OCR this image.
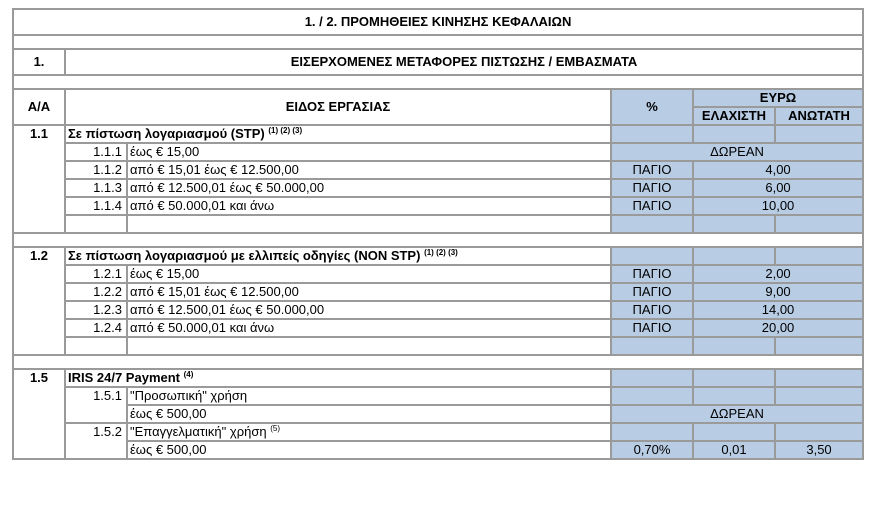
1. / 2. ΠΡΟΜΗΘΕΙΕΣ ΚΙΝΗΣΗΣ ΚΕΦΑΛΑΙΩΝ					

1.	ΕΙΣΕΡΧΟΜΕΝΕΣ ΜΕΤΑΦΟΡΕΣ ΠΙΣΤΩΣΗΣ / ΕΜΒΑΣΜΑΤΑ				

Α/Α	ΕΙΔΟΣ ΕΡΓΑΣΙΑΣ		%	ΕΥΡΩ	
				ΕΛΑΧΙΣΤΗ	ΑΝΩΤΑΤΗ
1.1	Σε πίστωση λογαριασμού (STP) $^{(1) (2) (3)}$			
	1.1.1	έως € 15,00	ΔΩΡΕΑΝ		
	1.1.2	από € 15,01 έως € 12.500,00	ΠΑΓΙΟ	4,00	
	1.1.3	από € 12.500,01 έως € 50.000,00	ΠΑΓΙΟ	6,00	
	1.1.4	από € 50.000,01 και άνω	ΠΑΓΙΟ	10,00	

1.2	Σε πίστωση λογαριασμού με ελλιπείς οδηγίες (NON STP) $^{(1) (2) (3)}$			
	1.2.1	έως € 15,00	ΠΑΓΙΟ	2,00	
	1.2.2	από € 15,01 έως € 12.500,00	ΠΑΓΙΟ	9,00	
	1.2.3	από € 12.500,01 έως € 50.000,00	ΠΑΓΙΟ	14,00	
	1.2.4	από € 50.000,01 και άνω	ΠΑΓΙΟ	20,00	

1.5	IRIS 24/7 Payment $^{(4)}$			
	1.5.1	"Προσωπική" χρήση			
		έως € 500,00	ΔΩΡΕΑΝ		
	1.5.2	"Επαγγελματική" χρήση $^{(5)}$			
		έως € 500,00	0,70%	0,01	3,50
